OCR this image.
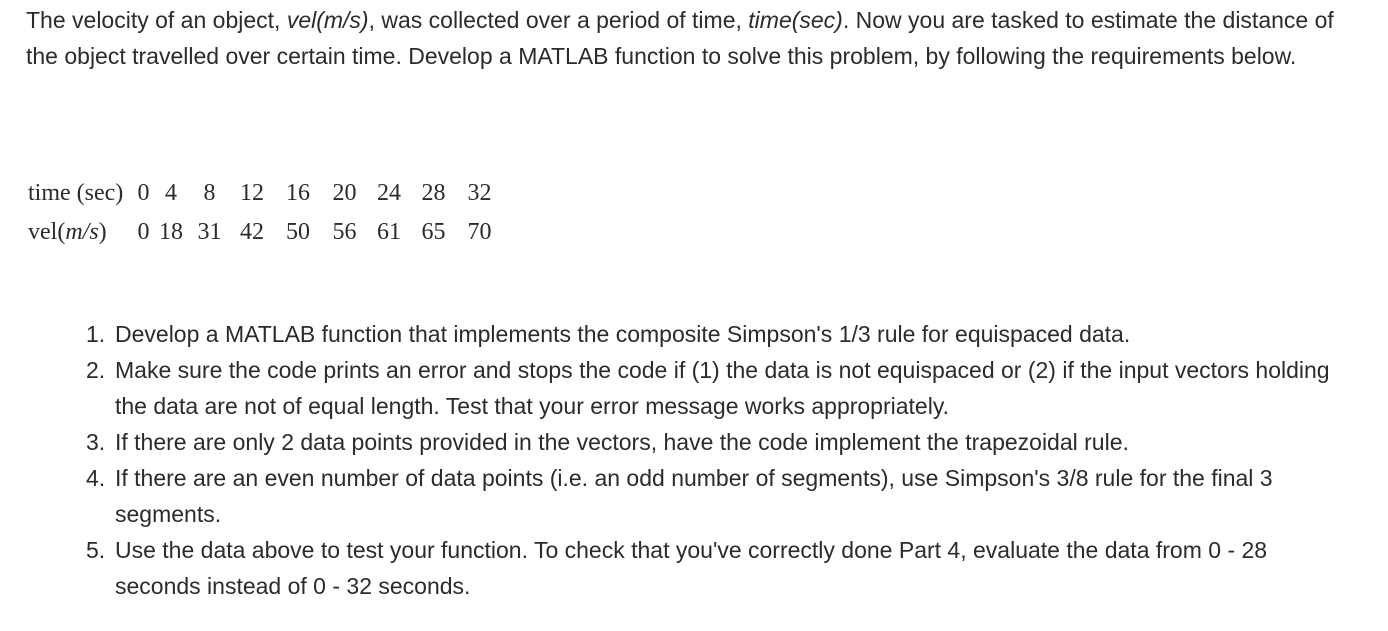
The velocity of an object, vel(m/s), was collected over a period of time, time(sec). Now you are tasked to estimate the distance of the object travelled over certain time. Develop a MATLAB function to solve this problem, by following the requirements below.

time (sec)	0	4	8	12	16	20	24	28	32
vel(m/s)	0	18	31	42	50	56	61	65	70
1. Develop a MATLAB function that implements the composite Simpson's 1/3 rule for equispaced data.
2. Make sure the code prints an error and stops the code if (1) the data is not equispaced or (2) if the input vectors holding the data are not of equal length. Test that your error message works appropriately.
3. If there are only 2 data points provided in the vectors, have the code implement the trapezoidal rule.
4. If there are an even number of data points (i.e. an odd number of segments), use Simpson's 3/8 rule for the final 3 segments.
5. Use the data above to test your function. To check that you've correctly done Part 4, evaluate the data from 0 - 28 seconds instead of 0 - 32 seconds.
